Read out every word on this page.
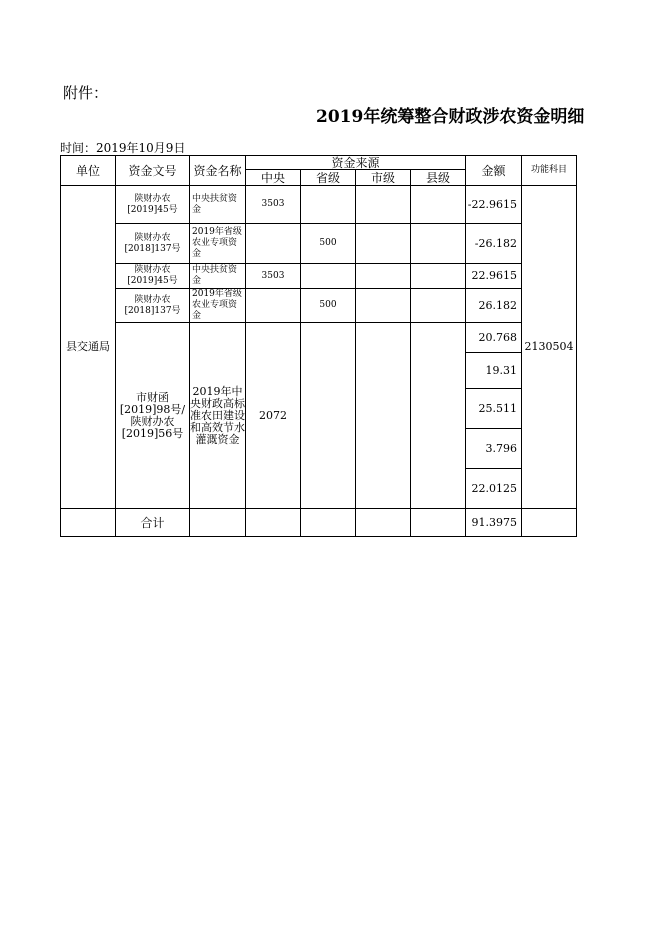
附件：
2019年统筹整合财政涉农资金明细
时间：2019年10月9日
单位	资金文号	资金名称	资金来源				金额	功能科目
			中央	省级	市级	县级		
县交通局	陕财办农[2019]45号	中央扶贫资金	3503				-22.9615	2130504
	陕财办农[2018]137号	2019年省级农业专项资金		500			-26.182	
	陕财办农[2019]45号	中央扶贫资金	3503				22.9615	
	陕财办农[2018]137号	2019年省级农业专项资金		500			26.182	
	市财函[2019]98号/陕财办农[2019]56号	2019年中央财政高标准农田建设和高效节水灌溉资金	2072				20.768	
							19.31	
							25.511	
							3.796	
							22.0125	
	合计						91.3975	
